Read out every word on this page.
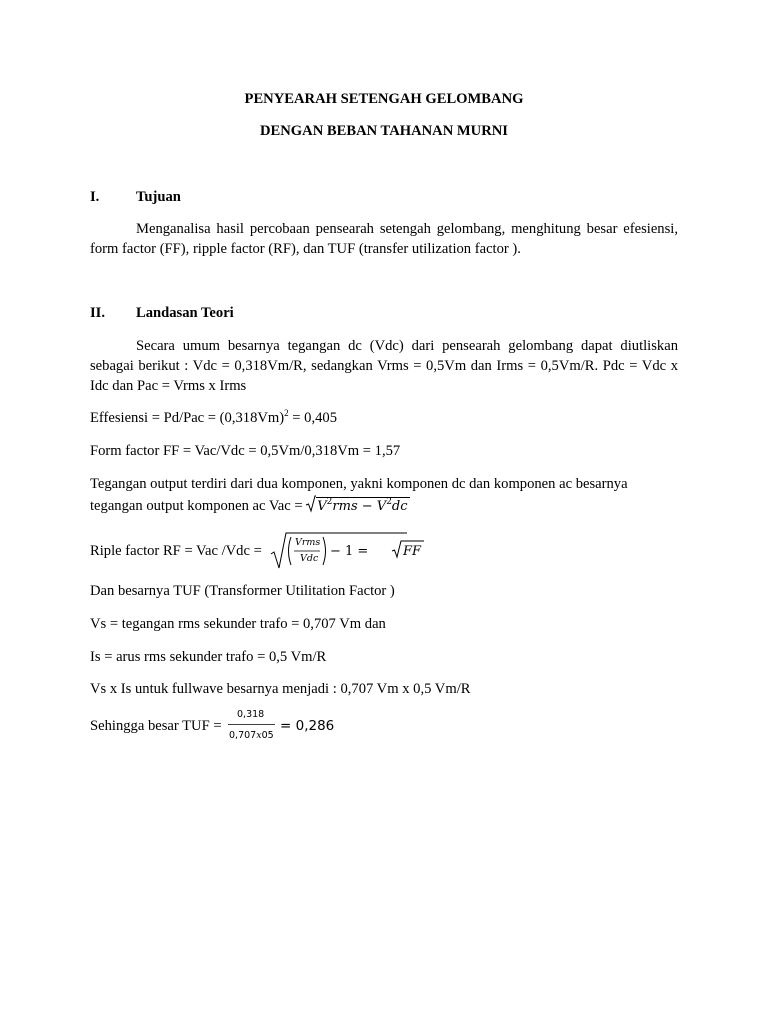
PENYEARAH SETENGAH GELOMBANG
DENGAN BEBAN TAHANAN MURNI
I.	Tujuan
Menganalisa hasil percobaan pensearah setengah gelombang, menghitung besar efesiensi, form factor (FF), ripple factor (RF), dan TUF (transfer utilization factor ).
II. Landasan Teori
Secara umum besarnya tegangan dc (Vdc) dari pensearah gelombang dapat diutliskan sebagai berikut : Vdc = 0,318Vm/R, sedangkan Vrms = 0,5Vm dan Irms = 0,5Vm/R. Pdc = Vdc x Idc dan Pac = Vrms x Irms
Effesiensi = $Pd/Pac = (0,318Vm)^2 = 0,405$
Form factor FF = Vac/Vdc = 0,5Vm/0,318Vm = 1,57
Tegangan output terdiri dari dua komponen, yakni komponen dc dan komponen ac besarnya
tegangan output komponen ac Vac = $V^2rms - V^2dc$
Riple factor RF = Vac /Vdc =
Vrms
Vdc − 1 =	FF
Dan besarnya TUF (Transformer Utilitation Factor )
Vs = tegangan rms sekunder trafo = 0,707 Vm dan
Is = arus rms sekunder trafo = 0,5 Vm/R
Vs x Is untuk fullwave besarnya menjadi : 0,707 Vm x 0,5 Vm/R
Sehingga besar TUF =
0,318
0,707x05
= 0,286
